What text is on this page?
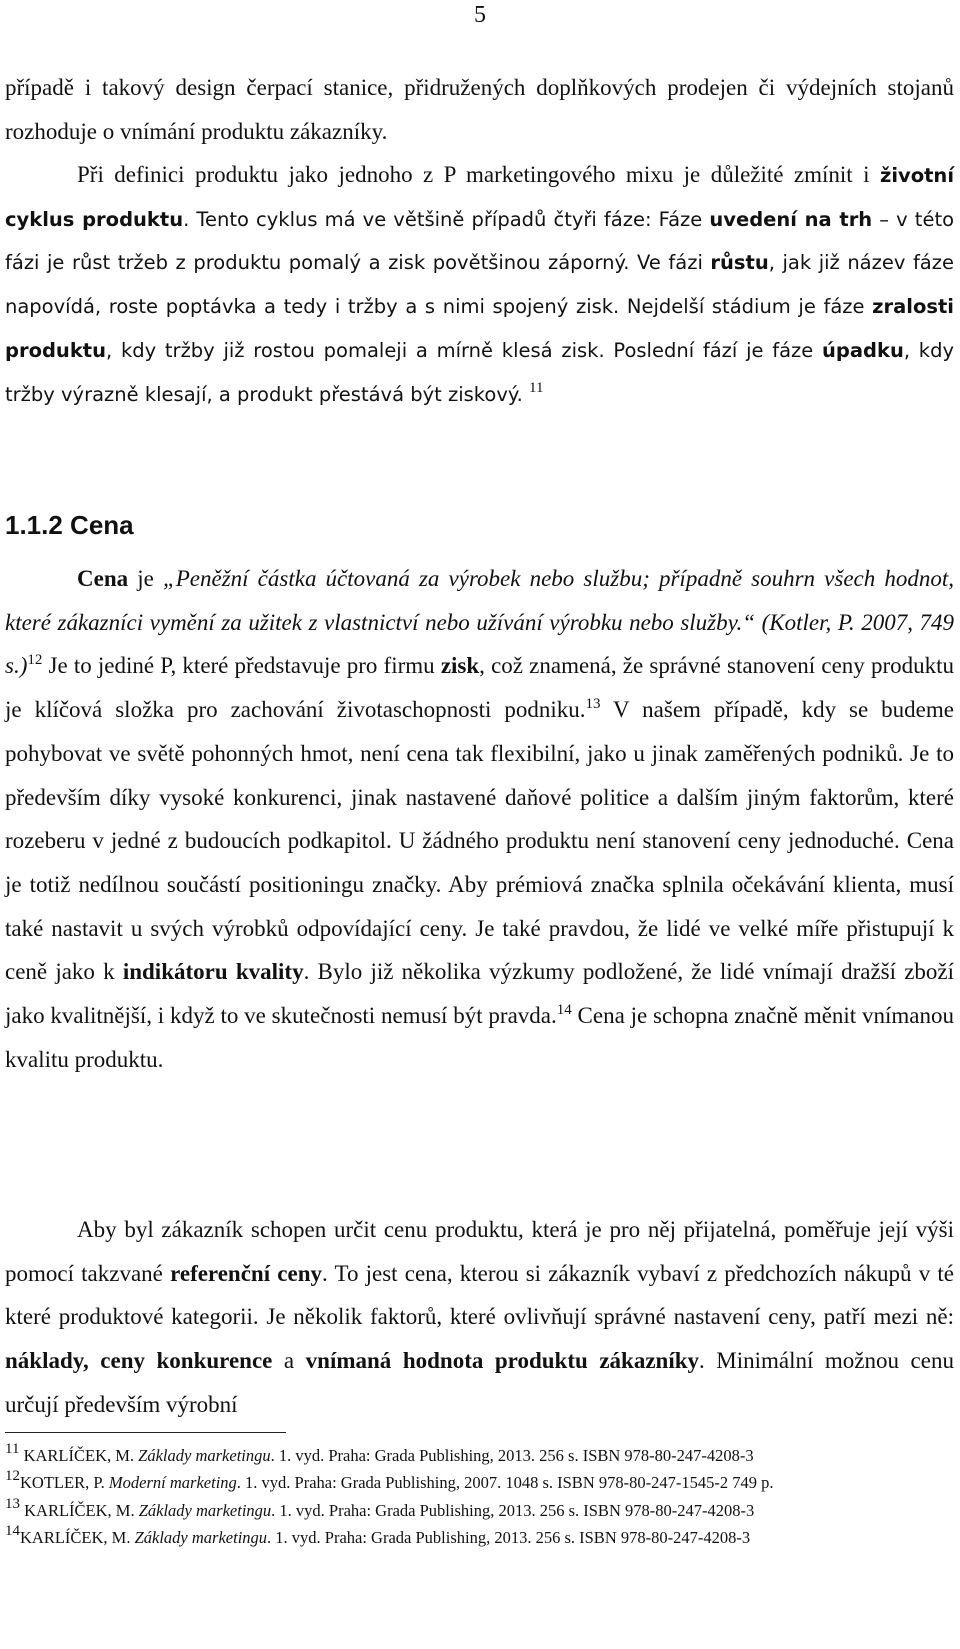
5

případě i takový design čerpací stanice, přidružených doplňkových prodejen či výdejních stojanů rozhoduje o vnímání produktu zákazníky.

Při definici produktu jako jednoho z P marketingového mixu je důležité zmínit i životní cyklus produktu. Tento cyklus má ve většině případů čtyři fáze: Fáze uvedení na trh – v této fázi je růst tržeb z produktu pomalý a zisk povětšinou záporný. Ve fázi růstu, jak již název fáze napovídá, roste poptávka a tedy i tržby a s nimi spojený zisk. Nejdelší stádium je fáze zralosti produktu, kdy tržby již rostou pomaleji a mírně klesá zisk. Poslední fází je fáze úpadku, kdy tržby výrazně klesají, a produkt přestává být ziskový. $^{11}$

1.1.2 Cena

Cena je „Peněžní částka účtovaná za výrobek nebo službu; případně souhrn všech hodnot, které zákazníci vymění za užitek z vlastnictví nebo užívání výrobku nebo služby.“ (Kotler, P. 2007, 749 s.)$^{12}$ Je to jediné P, které představuje pro firmu zisk, což znamená, že správné stanovení ceny produktu je klíčová složka pro zachování životaschopnosti podniku.$^{13}$ V našem případě, kdy se budeme pohybovat ve světě pohonných hmot, není cena tak flexibilní, jako u jinak zaměřených podniků. Je to především díky vysoké konkurenci, jinak nastavené daňové politice a dalším jiným faktorům, které rozeberu v jedné z budoucích podkapitol. U žádného produktu není stanovení ceny jednoduché. Cena je totiž nedílnou součástí positioningu značky. Aby prémiová značka splnila očekávání klienta, musí také nastavit u svých výrobků odpovídající ceny. Je také pravdou, že lidé ve velké míře přistupují k ceně jako k indikátoru kvality. Bylo již několika výzkumy podložené, že lidé vnímají dražší zboží jako kvalitnější, i když to ve skutečnosti nemusí být pravda.$^{14}$ Cena je schopna značně měnit vnímanou kvalitu produktu.

Aby byl zákazník schopen určit cenu produktu, která je pro něj přijatelná, poměřuje její výši pomocí takzvané referenční ceny. To jest cena, kterou si zákazník vybaví z předchozích nákupů v té které produktové kategorii. Je několik faktorů, které ovlivňují správné nastavení ceny, patří mezi ně: náklady, ceny konkurence a vnímaná hodnota produktu zákazníky. Minimální možnou cenu určují především výrobní

$^{11}$ KARLÍČEK, M. Základy marketingu. 1. vyd. Praha: Grada Publishing, 2013. 256 s. ISBN 978-80-247-4208-3
$^{12}$KOTLER, P. Moderní marketing. 1. vyd. Praha: Grada Publishing, 2007. 1048 s. ISBN 978-80-247-1545-2 749 p.
$^{13}$ KARLÍČEK, M. Základy marketingu. 1. vyd. Praha: Grada Publishing, 2013. 256 s. ISBN 978-80-247-4208-3
$^{14}$KARLÍČEK, M. Základy marketingu. 1. vyd. Praha: Grada Publishing, 2013. 256 s. ISBN 978-80-247-4208-3
